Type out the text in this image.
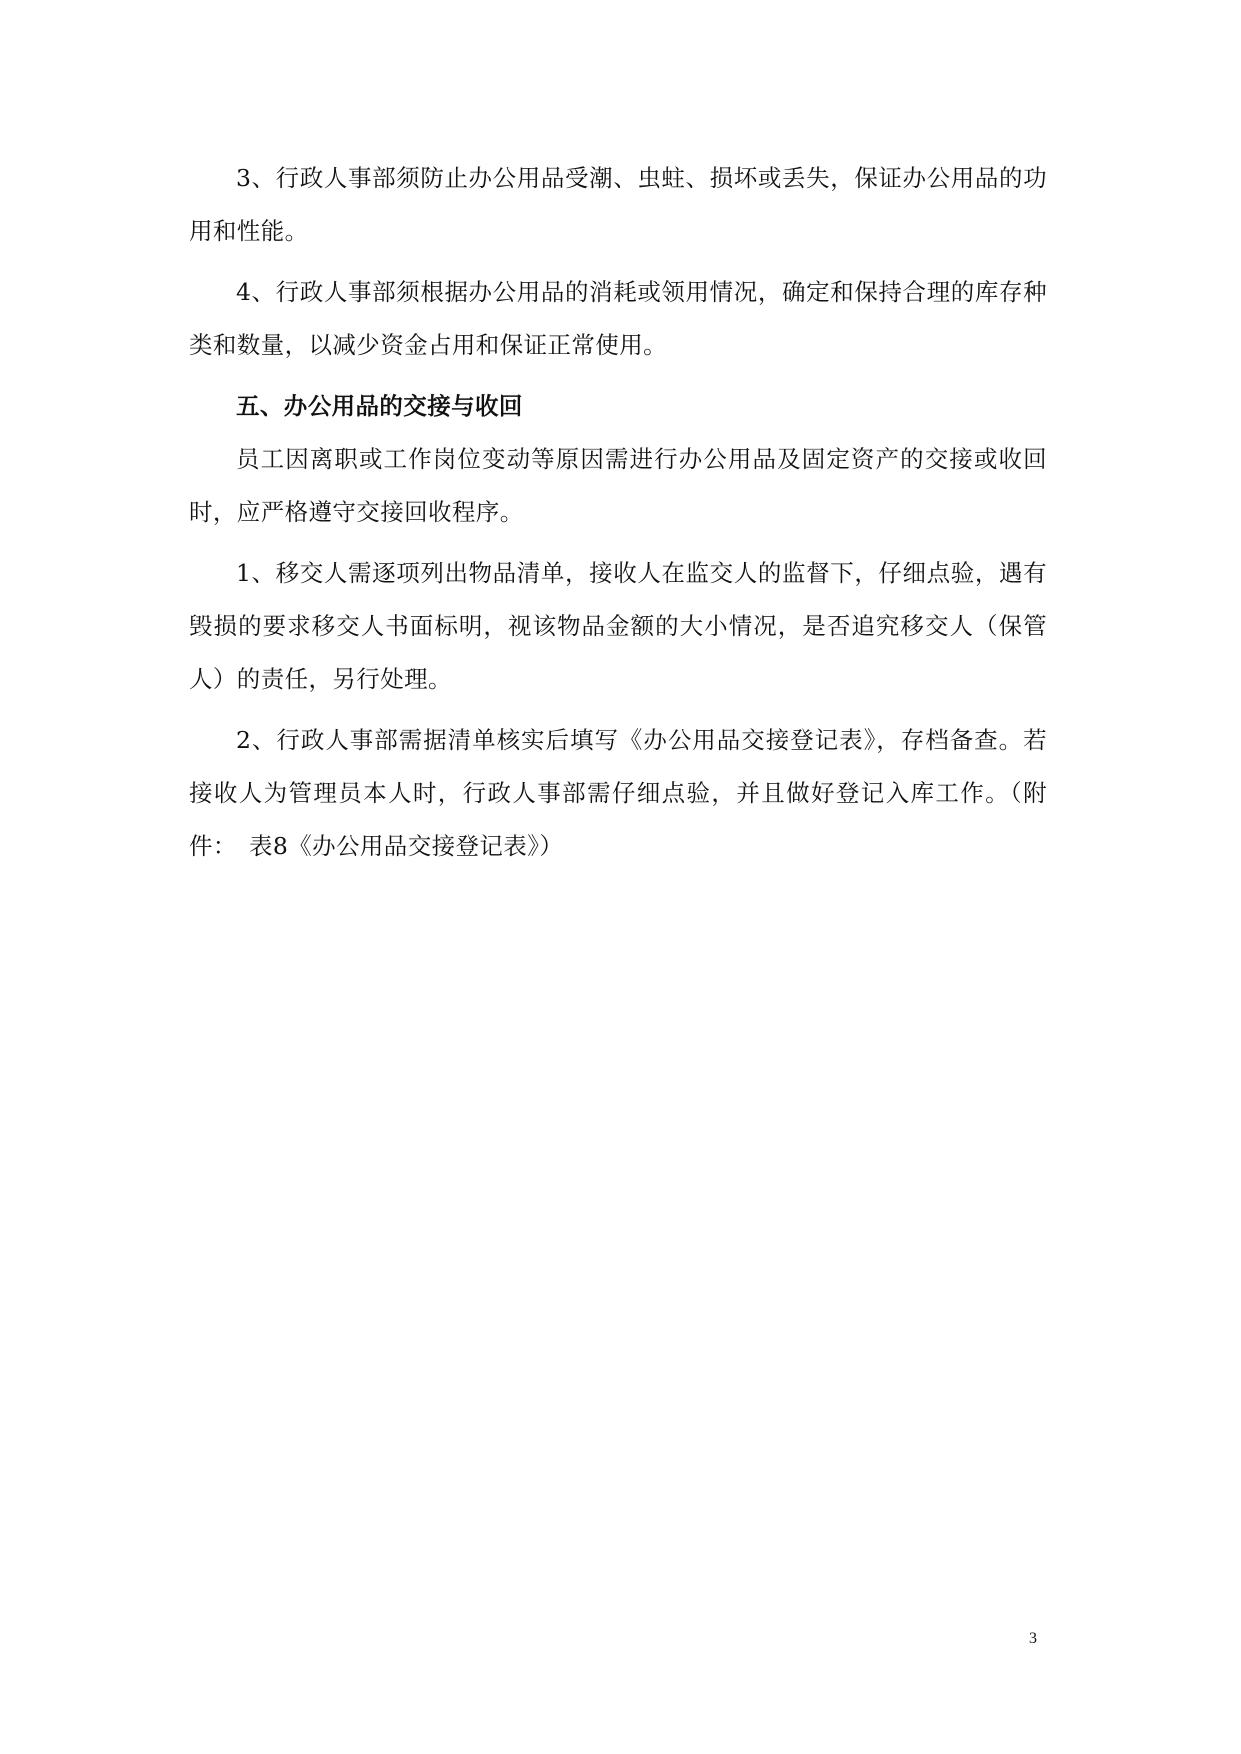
3、行政人事部须防止办公用品受潮、虫蛀、损坏或丢失，保证办公用品的功用和性能。

4、行政人事部须根据办公用品的消耗或领用情况，确定和保持合理的库存种类和数量，以减少资金占用和保证正常使用。

五、办公用品的交接与收回

员工因离职或工作岗位变动等原因需进行办公用品及固定资产的交接或收回时，应严格遵守交接回收程序。

1、移交人需逐项列出物品清单，接收人在监交人的监督下，仔细点验，遇有毁损的要求移交人书面标明，视该物品金额的大小情况，是否追究移交人（保管人）的责任，另行处理。

2、行政人事部需据清单核实后填写《办公用品交接登记表》，存档备查。若接收人为管理员本人时，行政人事部需仔细点验，并且做好登记入库工作。（附件：　表8《办公用品交接登记表》）

3
